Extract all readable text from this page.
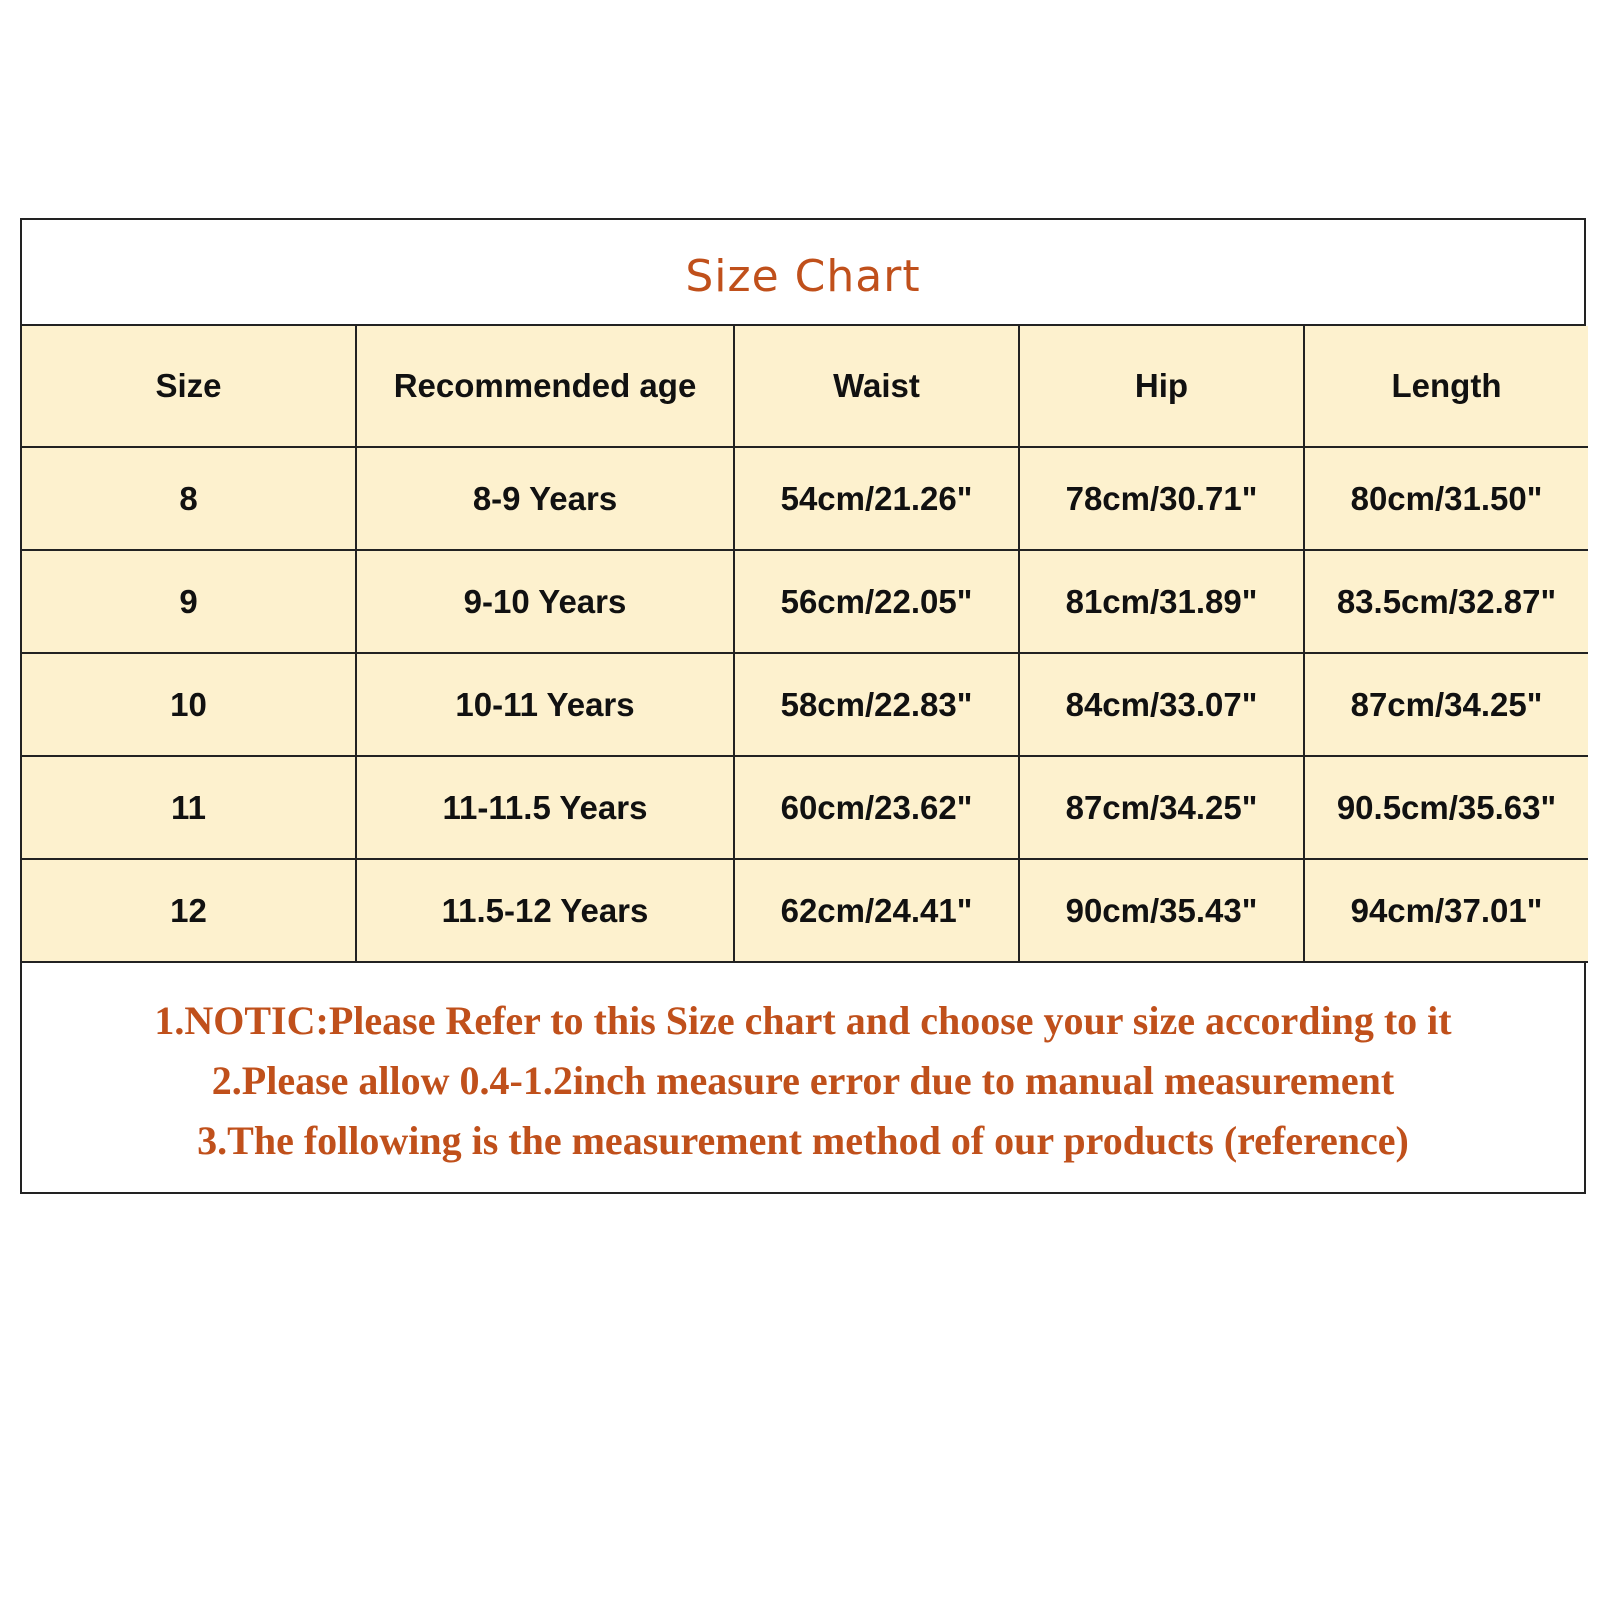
Size Chart
Size	Recommended age	Waist	Hip	Length
8	8-9 Years	54cm/21.26"	78cm/30.71"	80cm/31.50"
9	9-10 Years	56cm/22.05"	81cm/31.89"	83.5cm/32.87"
10	10-11 Years	58cm/22.83"	84cm/33.07"	87cm/34.25"
11	11-11.5 Years	60cm/23.62"	87cm/34.25"	90.5cm/35.63"
12	11.5-12 Years	62cm/24.41"	90cm/35.43"	94cm/37.01"
1.NOTIC:Please Refer to this Size chart and choose your size according to it
2.Please allow 0.4-1.2inch measure error due to manual measurement
3.The following is the measurement method of our products (reference)
